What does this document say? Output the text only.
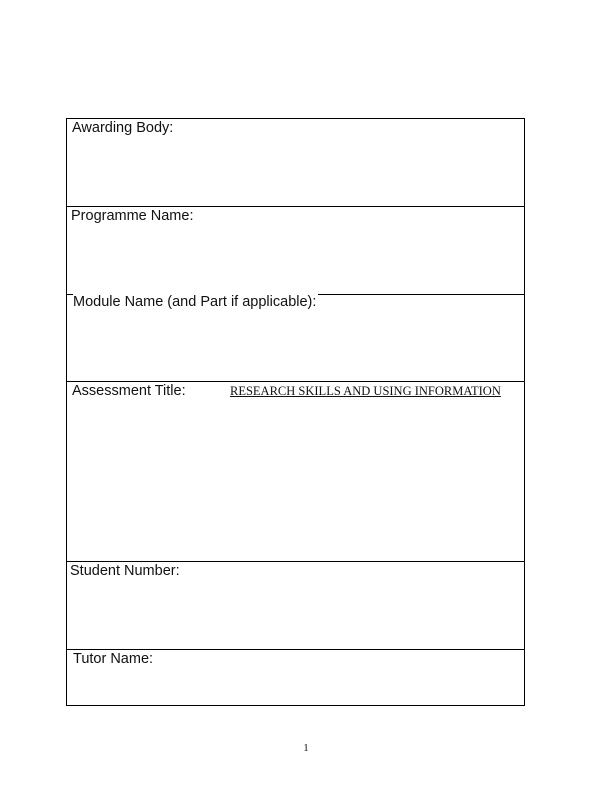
Awarding Body:
Programme Name:
Module Name (and Part if applicable):
Assessment Title:	RESEARCH SKILLS AND USING INFORMATION
Student Number:
Tutor Name:
1
